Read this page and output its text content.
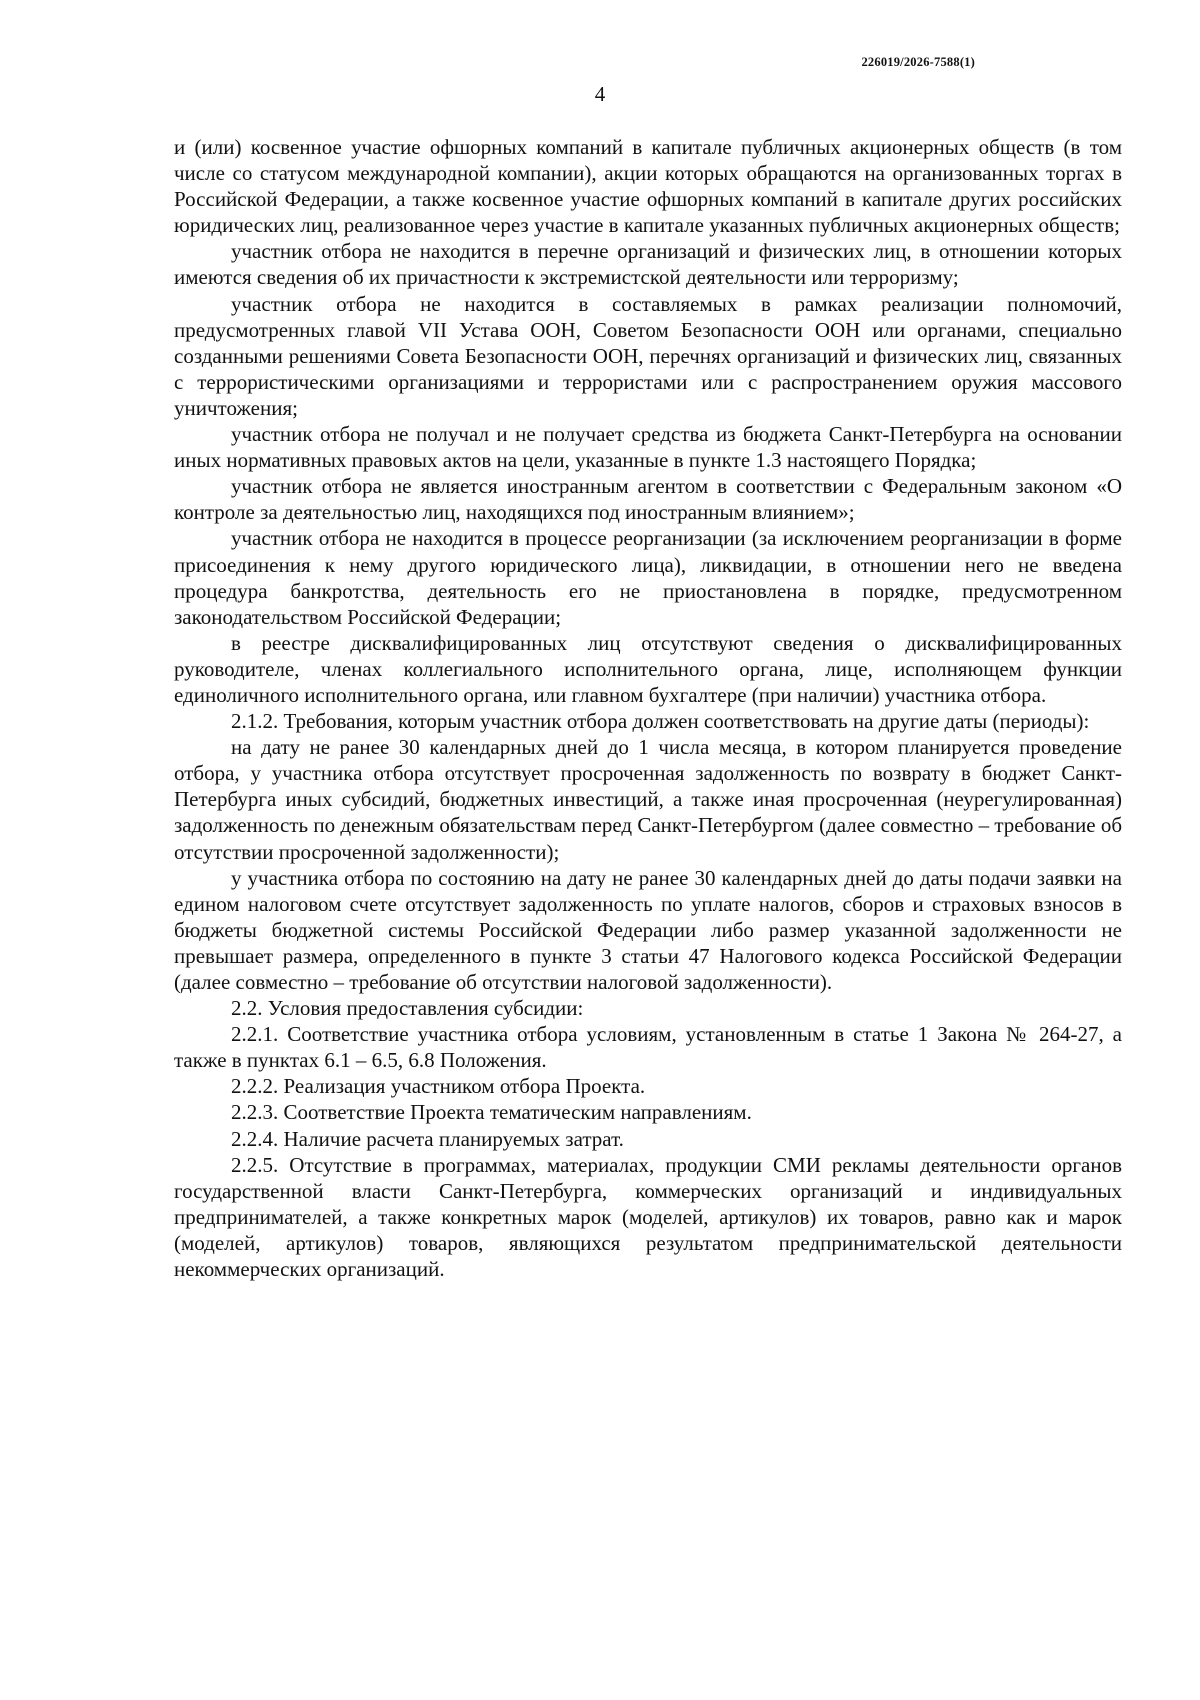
226019/2026-7588(1)
4

и (или) косвенное участие офшорных компаний в капитале публичных акционерных обществ (в том числе со статусом международной компании), акции которых обращаются на организованных торгах в Российской Федерации, а также косвенное участие офшорных компаний в капитале других российских юридических лиц, реализованное через участие в капитале указанных публичных акционерных обществ;

участник отбора не находится в перечне организаций и физических лиц, в отношении которых имеются сведения об их причастности к экстремистской деятельности или терроризму;

участник отбора не находится в составляемых в рамках реализации полномочий, предусмотренных главой VII Устава ООН, Советом Безопасности ООН или органами, специально созданными решениями Совета Безопасности ООН, перечнях организаций и физических лиц, связанных с террористическими организациями и террористами или с распространением оружия массового уничтожения;

участник отбора не получал и не получает средства из бюджета Санкт-Петербурга на основании иных нормативных правовых актов на цели, указанные в пункте 1.3 настоящего Порядка;

участник отбора не является иностранным агентом в соответствии с Федеральным законом «О контроле за деятельностью лиц, находящихся под иностранным влиянием»;

участник отбора не находится в процессе реорганизации (за исключением реорганизации в форме присоединения к нему другого юридического лица), ликвидации, в отношении него не введена процедура банкротства, деятельность его не приостановлена в порядке, предусмотренном законодательством Российской Федерации;

в реестре дисквалифицированных лиц отсутствуют сведения о дисквалифицированных руководителе, членах коллегиального исполнительного органа, лице, исполняющем функции единоличного исполнительного органа, или главном бухгалтере (при наличии) участника отбора.

2.1.2. Требования, которым участник отбора должен соответствовать на другие даты (периоды):

на дату не ранее 30 календарных дней до 1 числа месяца, в котором планируется проведение отбора, у участника отбора отсутствует просроченная задолженность по возврату в бюджет Санкт-Петербурга иных субсидий, бюджетных инвестиций, а также иная просроченная (неурегулированная) задолженность по денежным обязательствам перед Санкт-Петербургом (далее совместно – требование об отсутствии просроченной задолженности);

у участника отбора по состоянию на дату не ранее 30 календарных дней до даты подачи заявки на едином налоговом счете отсутствует задолженность по уплате налогов, сборов и страховых взносов в бюджеты бюджетной системы Российской Федерации либо размер указанной задолженности не превышает размера, определенного в пункте 3 статьи 47 Налогового кодекса Российской Федерации (далее совместно – требование об отсутствии налоговой задолженности).

2.2. Условия предоставления субсидии:

2.2.1. Соответствие участника отбора условиям, установленным в статье 1 Закона № 264-27, а также в пунктах 6.1 – 6.5, 6.8 Положения.

2.2.2. Реализация участником отбора Проекта.

2.2.3. Соответствие Проекта тематическим направлениям.

2.2.4. Наличие расчета планируемых затрат.

2.2.5. Отсутствие в программах, материалах, продукции СМИ рекламы деятельности органов государственной власти Санкт-Петербурга, коммерческих организаций и индивидуальных предпринимателей, а также конкретных марок (моделей, артикулов) их товаров, равно как и марок (моделей, артикулов) товаров, являющихся результатом предпринимательской деятельности некоммерческих организаций.
